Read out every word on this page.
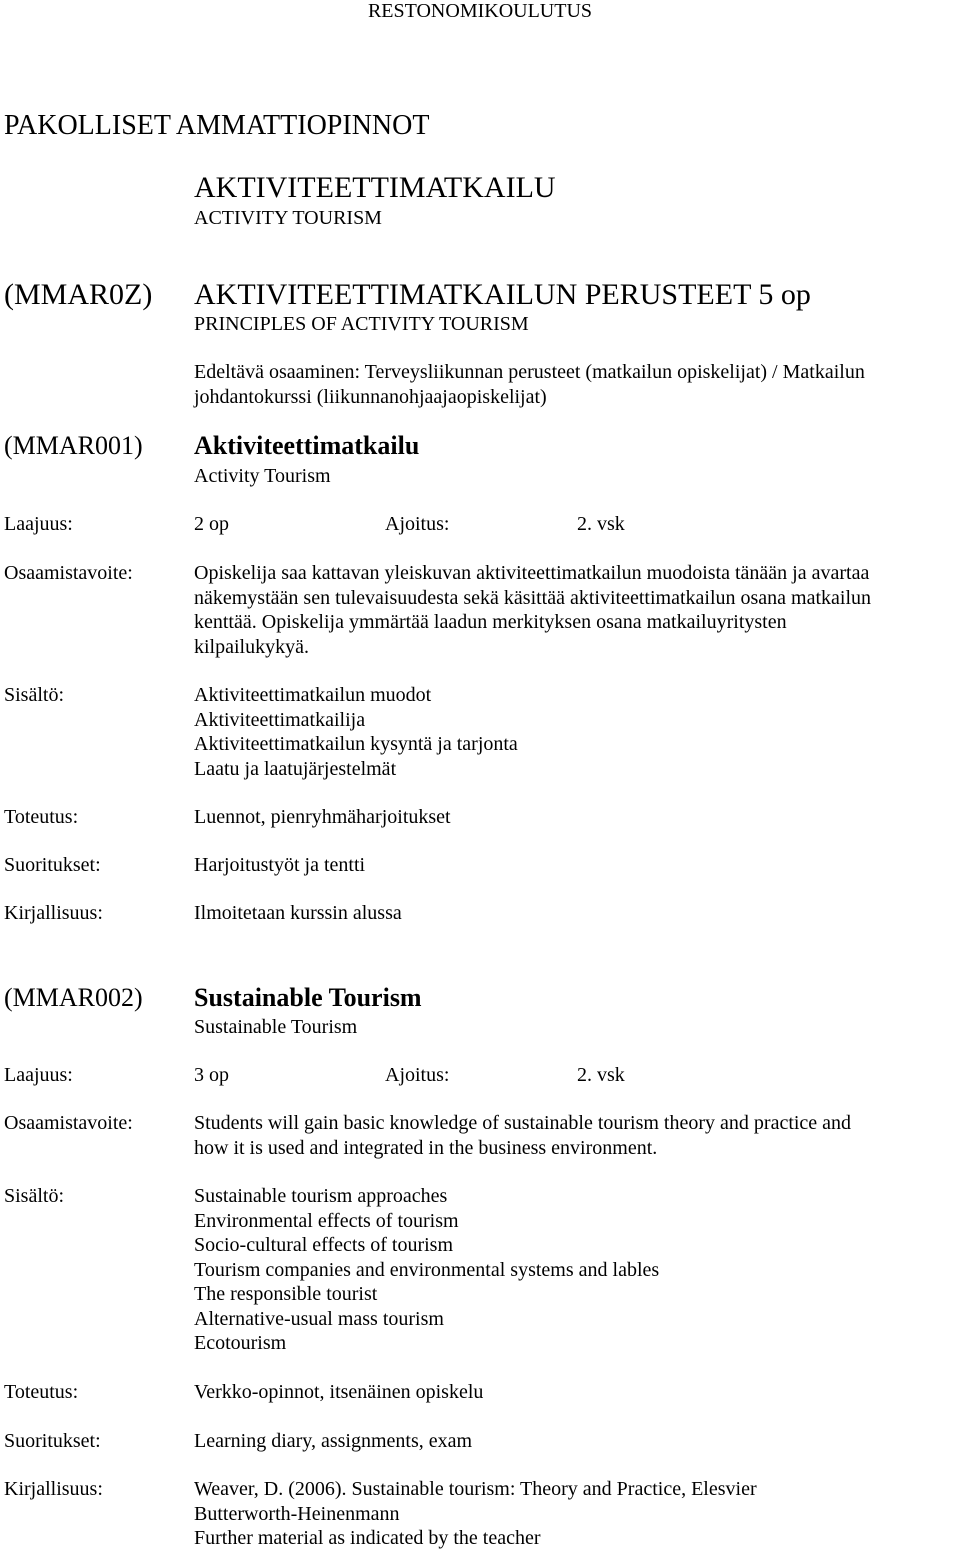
RESTONOMIKOULUTUS
PAKOLLISET AMMATTIOPINNOT
AKTIVITEETTIMATKAILU
ACTIVITY TOURISM
(MMAR0Z) AKTIVITEETTIMATKAILUN PERUSTEET 5 op
PRINCIPLES OF ACTIVITY TOURISM
Edeltävä osaaminen: Terveysliikunnan perusteet (matkailun opiskelijat) / Matkailun
johdantokurssi (liikunnanohjaajaopiskelijat)
(MMAR001) Aktiviteettimatkailu
Activity Tourism
Laajuus:	2 op	Ajoitus:	2. vsk
Osaamistavoite:	Opiskelija saa kattavan yleiskuvan aktiviteettimatkailun muodoista tänään ja avartaa
näkemystään sen tulevaisuudesta sekä käsittää aktiviteettimatkailun osana matkailun
kenttää. Opiskelija ymmärtää laadun merkityksen osana matkailuyritysten
kilpailukykyä.
Sisältö:	Aktiviteettimatkailun muodot
Aktiviteettimatkailija
Aktiviteettimatkailun kysyntä ja tarjonta
Laatu ja laatujärjestelmät
Toteutus:	Luennot, pienryhmäharjoitukset
Suoritukset:	Harjoitustyöt ja tentti
Kirjallisuus:	Ilmoitetaan kurssin alussa
(MMAR002) Sustainable Tourism
Sustainable Tourism
Laajuus:	3 op	Ajoitus:	2. vsk
Osaamistavoite:	Students will gain basic knowledge of sustainable tourism theory and practice and
how it is used and integrated in the business environment.
Sisältö:	Sustainable tourism approaches
Environmental effects of tourism
Socio-cultural effects of tourism
Tourism companies and environmental systems and lables
The responsible tourist
Alternative-usual mass tourism
Ecotourism
Toteutus:	Verkko-opinnot, itsenäinen opiskelu
Suoritukset:	Learning diary, assignments, exam
Kirjallisuus:	Weaver, D. (2006). Sustainable tourism: Theory and Practice, Elesvier
Butterworth-Heinenmann
Further material as indicated by the teacher
